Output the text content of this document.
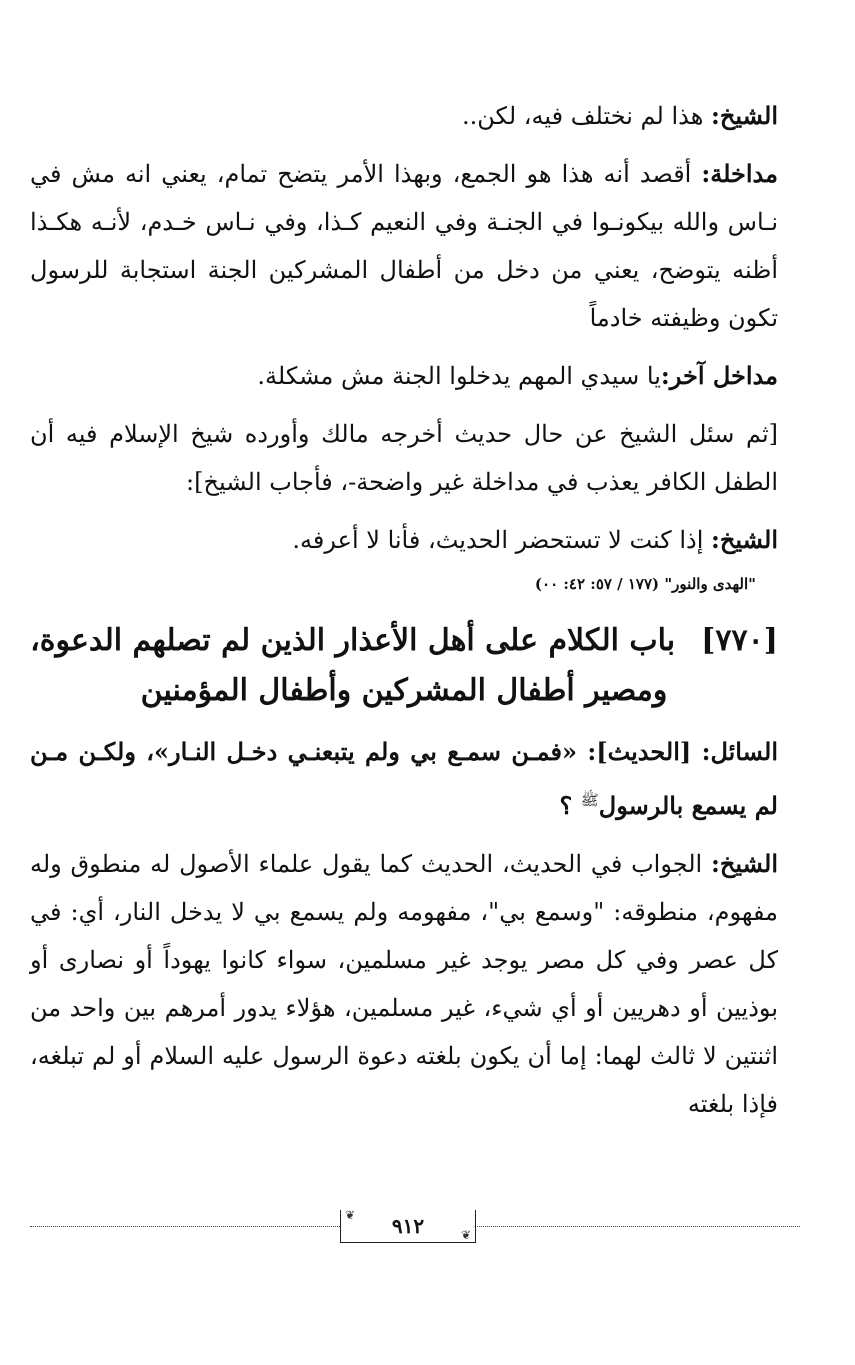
الشيخ: هذا لم نختلف فيه، لكن..

مداخلة: أقصد أنه هذا هو الجمع، وبهذا الأمر يتضح تمام، يعني انه مش في نـاس والله بيكونـوا في الجنـة وفي النعيم كـذا، وفي نـاس خـدم، لأنـه هكـذا أظنه يتوضح، يعني من دخل من أطفال المشركين الجنة استجابة للرسول تكون وظيفته خادماً

مداخل آخر:يا سيدي المهم يدخلوا الجنة مش مشكلة.

[ثم سئل الشيخ عن حال حديث أخرجه مالك وأورده شيخ الإسلام فيه أن الطفل الكافر يعذب في مداخلة غير واضحة-، فأجاب الشيخ]:

الشيخ: إذا كنت لا تستحضر الحديث، فأنا لا أعرفه.

"الهدى والنور" (١٧٧ / ٥٧: ٤٢: ٠٠)

[٧٧٠]باب الكلام على أهل الأعذار الذين لم تصلهم الدعوة،
ومصير أطفال المشركين وأطفال المؤمنين

السائل: [الحديث]: «فمـن سمـع بي ولم يتبعنـي دخـل النـار»، ولكـن مـن لم يسمع بالرسول$^ﷺ$ ؟

الشيخ: الجواب في الحديث، الحديث كما يقول علماء الأصول له منطوق وله مفهوم، منطوقه: "وسمع بي"، مفهومه ولم يسمع بي لا يدخل النار، أي: في كل عصر وفي كل مصر يوجد غير مسلمين، سواء كانوا يهوداً أو نصارى أو بوذيين أو دهريين أو أي شيء، غير مسلمين، هؤلاء يدور أمرهم بين واحد من اثنتين لا ثالث لهما: إما أن يكون بلغته دعوة الرسول عليه السلام أو لم تبلغه، فإذا بلغته

❦ ٩١٢	❦
